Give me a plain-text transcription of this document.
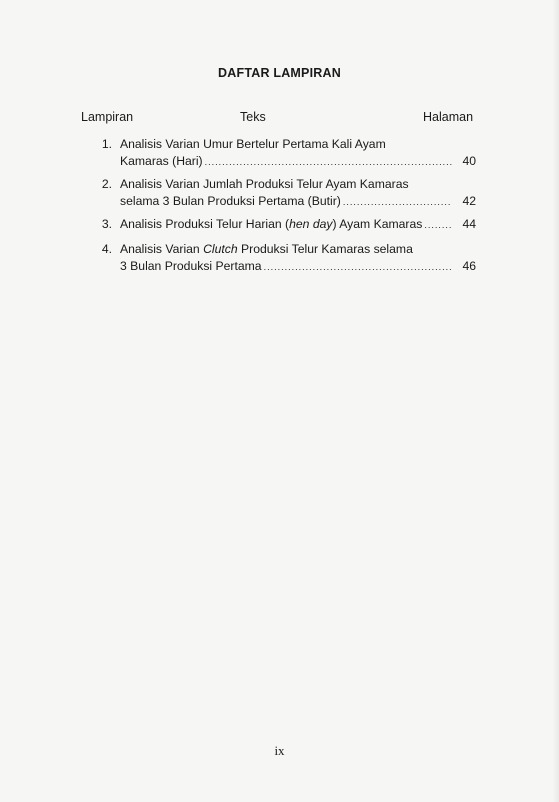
DAFTAR LAMPIRAN
Lampiran	Teks	Halaman
1. Analisis Varian Umur Bertelur Pertama Kali Ayam
Kamaras (Hari) .....	40
2. Analisis Varian Jumlah Produksi Telur Ayam Kamaras
selama 3 Bulan Produksi Pertama (Butir) .....	42
3. Analisis Produksi Telur Harian (hen day) Ayam Kamaras .....	44
4. Analisis Varian Clutch Produksi Telur Kamaras selama
3 Bulan Produksi Pertama .....	46
ix
